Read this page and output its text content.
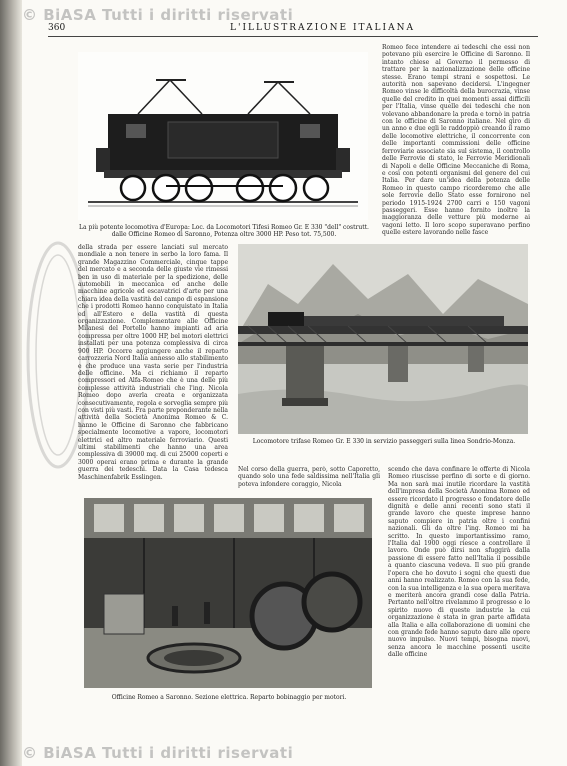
© BiASA Tutti i diritti riservati
360	L'ILLUSTRAZIONE ITALIANA
La più potente locomotiva d'Europa: Loc. da Locomotori Tifesi Romeo Gr. E 330 "dell" costrutt. dalle Officine Romeo di Saronno, Potenza oltre 3000 HP. Peso tot. 75,500.
Romeo fece intendere ai tedeschi che essi non potevano più esercire le Officine di Saronno. Il intanto chiese al Governo il permesso di trattare per la nazionalizzazione delle officine stesse. Erano tempi strani e sospettosi. Le autorità non sapevano decidersi. L'ingegner Romeo vinse le difficoltà della burocrazia, vinse quelle del credito in quei momenti assai difficili per l'Italia, vinse quelle dei tedeschi che non volevano abbandonare la preda e tornò in patria con le officine di Saronno italiane. Nel giro di un anno e due egli le raddoppiò creando il ramo delle locomotive elettriche, il concorrente con delle importanti commissioni delle officine ferroviarie associate sia sul sistema, il controllo delle Ferrovie di stato, le Ferrovie Meridionali di Napoli e delle Officine Meccaniche di Roma, e così con potenti organismi del genere del cui Italia. Per dare un'idea della potenza delle Romeo in questo campo ricorderemo che alle sole ferrovie dello Stato esse fornirono nel periodo 1915-1924 2700 carri e 150 vagoni passeggeri. Esse hanno fornito inoltre la maggioranza delle vetture più moderne ai vagoni letto. Il loro scopo superavano perfino quelle estere lavorando nelle fasce
della strada per essere lanciati sul mercato mondiale a non tenere in serbo la loro fama. Il grande Magazzino Commerciale, cinque tappe del mercato e a seconda delle giuste vie rimessi ben in uso di materiale per la spedizione, delle automobili in meccanica ed anche delle macchine agricole ed escavatrici d'arte per una chiara idea della vastità del campo di espansione che i prodotti Romeo hanno conquistato in Italia ed all'Estero e della vastità di questa organizzazione. Complementare alle Officine Milanesi del Portello hanno impianti ad aria compressa per oltre 1000 HP, bel motori elettrici installati per una potenza complessiva di circa 900 HP. Occorre aggiungere anche il reparto carrozzeria Nord Italia annesso allo stabilimento e che produce una vasta serie per l'industria delle officine. Ma ci richiamo il reparto compressori ed Alfa-Romeo che è una delle più complesse attività industriali che l'ing. Nicola Romeo dopo averla creata e organizzata consecutivamente, regola e sorveglia sempre più con visti più vasti. Fra parte preponderante nella attività della Società Anonima Romeo & C. hanno le Officine di Saronno che fabbricano specialmente locomotive a vapore, locomotori elettrici ed altro materiale ferroviario. Questi ultimi stabilimenti che hanno una area complessiva di 39000 mq. di cui 25000 coperti e 3000 operai erano prima e durante la grande guerra dei tedeschi. Data la Casa tedesca Maschinenfabrik Esslingen.
Locomotore trifase Romeo Gr. E 330 in servizio passeggeri sulla linea Sondrio-Monza.
Nel corso della guerra, però, sotto Caporetto, quando solo una fede saldissima nell'Italia gli poteva infondere coraggio, Nicola
scendo che dava confinare le offerte di Nicola Romeo riuscisse perfino di sorte e di giorno. Ma non sarà mai inutile ricordare la vastità dell'impresa della Società Anonima Romeo ed essere ricordato il progresso e fondatore delle dignità e delle anni recenti sono stati il grande lavoro che queste imprese hanno saputo compiere in patria oltre i confini nazionali. Gli da oltre l'ing. Romeo mi ha scritto. In questo importantissimo ramo, l'Italia dal 1900 oggi riesce a controllare il lavoro. Onde può dirsi non sfuggirà dalla passione di essere fatto nell'Italia il possibile a quanto ciascuna vedeva. Il suo più grande l'opera che ho dovuto i sogni che questi due anni hanno realizzato. Romeo con la sua fede, con la sua intelligenza e la sua opera meritava e meriterà ancora grandi cose dalla Patria. Pertanto nell'oltre rivelammo il progresso e lo spirito nuovo di queste industrie la cui organizzazione è stata in gran parte affidata alla Italia e alla collaborazione di uomini che con grande fede hanno saputo dare alle opere nuovo impulso. Nuovi tempi, bisogna nuovi, senza ancora le macchine possenti uscite dalle officine
Officine Romeo a Saronno. Sezione elettrica. Reparto bobinaggio per motori.
© BiASA Tutti i diritti riservati
